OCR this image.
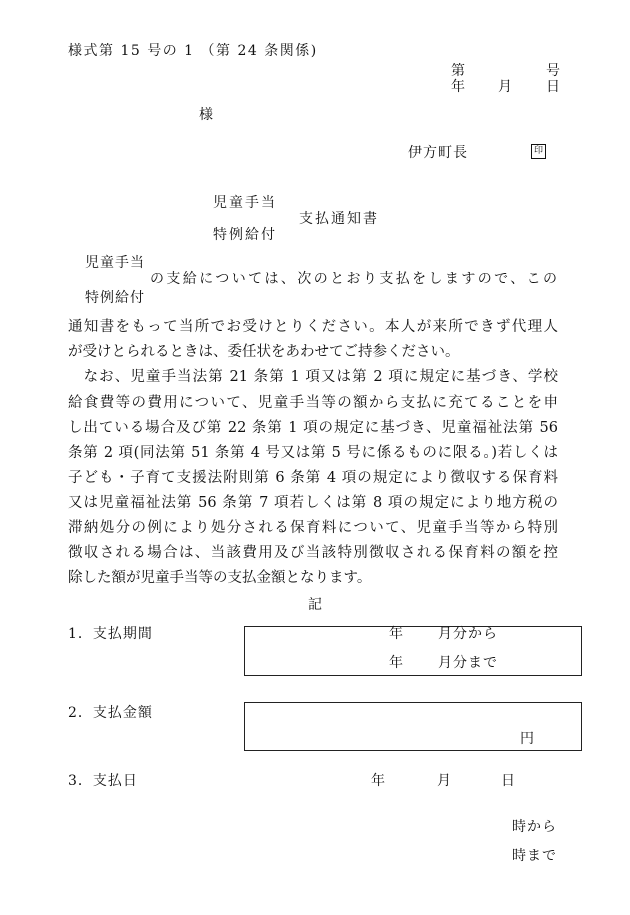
様式第 15 号の 1 （第 24 条関係)
第	号
年 月 日
様
伊方町長	印
児童手当
特例給付
支払通知書
児童手当
特例給付
の支給については、次のとおり支払をしますので、この
通知書をもって当所でお受けとりください。本人が来所できず代理人
が受けとられるときは、委任状をあわせてご持参ください。
　なお、児童手当法第 21 条第 1 項又は第 2 項に規定に基づき、学校
給食費等の費用について、児童手当等の額から支払に充てることを申
し出ている場合及び第 22 条第 1 項の規定に基づき、児童福祉法第 56
条第 2 項(同法第 51 条第 4 号又は第 5 号に係るものに限る。)若しくは
子ども・子育て支援法附則第 6 条第 4 項の規定により徴収する保育料
又は児童福祉法第 56 条第 7 項若しくは第 8 項の規定により地方税の
滞納処分の例により処分される保育料について、児童手当等から特別
徴収される場合は、当該費用及び当該特別徴収される保育料の額を控
除した額が児童手当等の支払金額となります。
記
1．支払期間	年	月分から
年	月分まで
2．支払金額
円
3．支払日	年	月	日
時から
時まで
